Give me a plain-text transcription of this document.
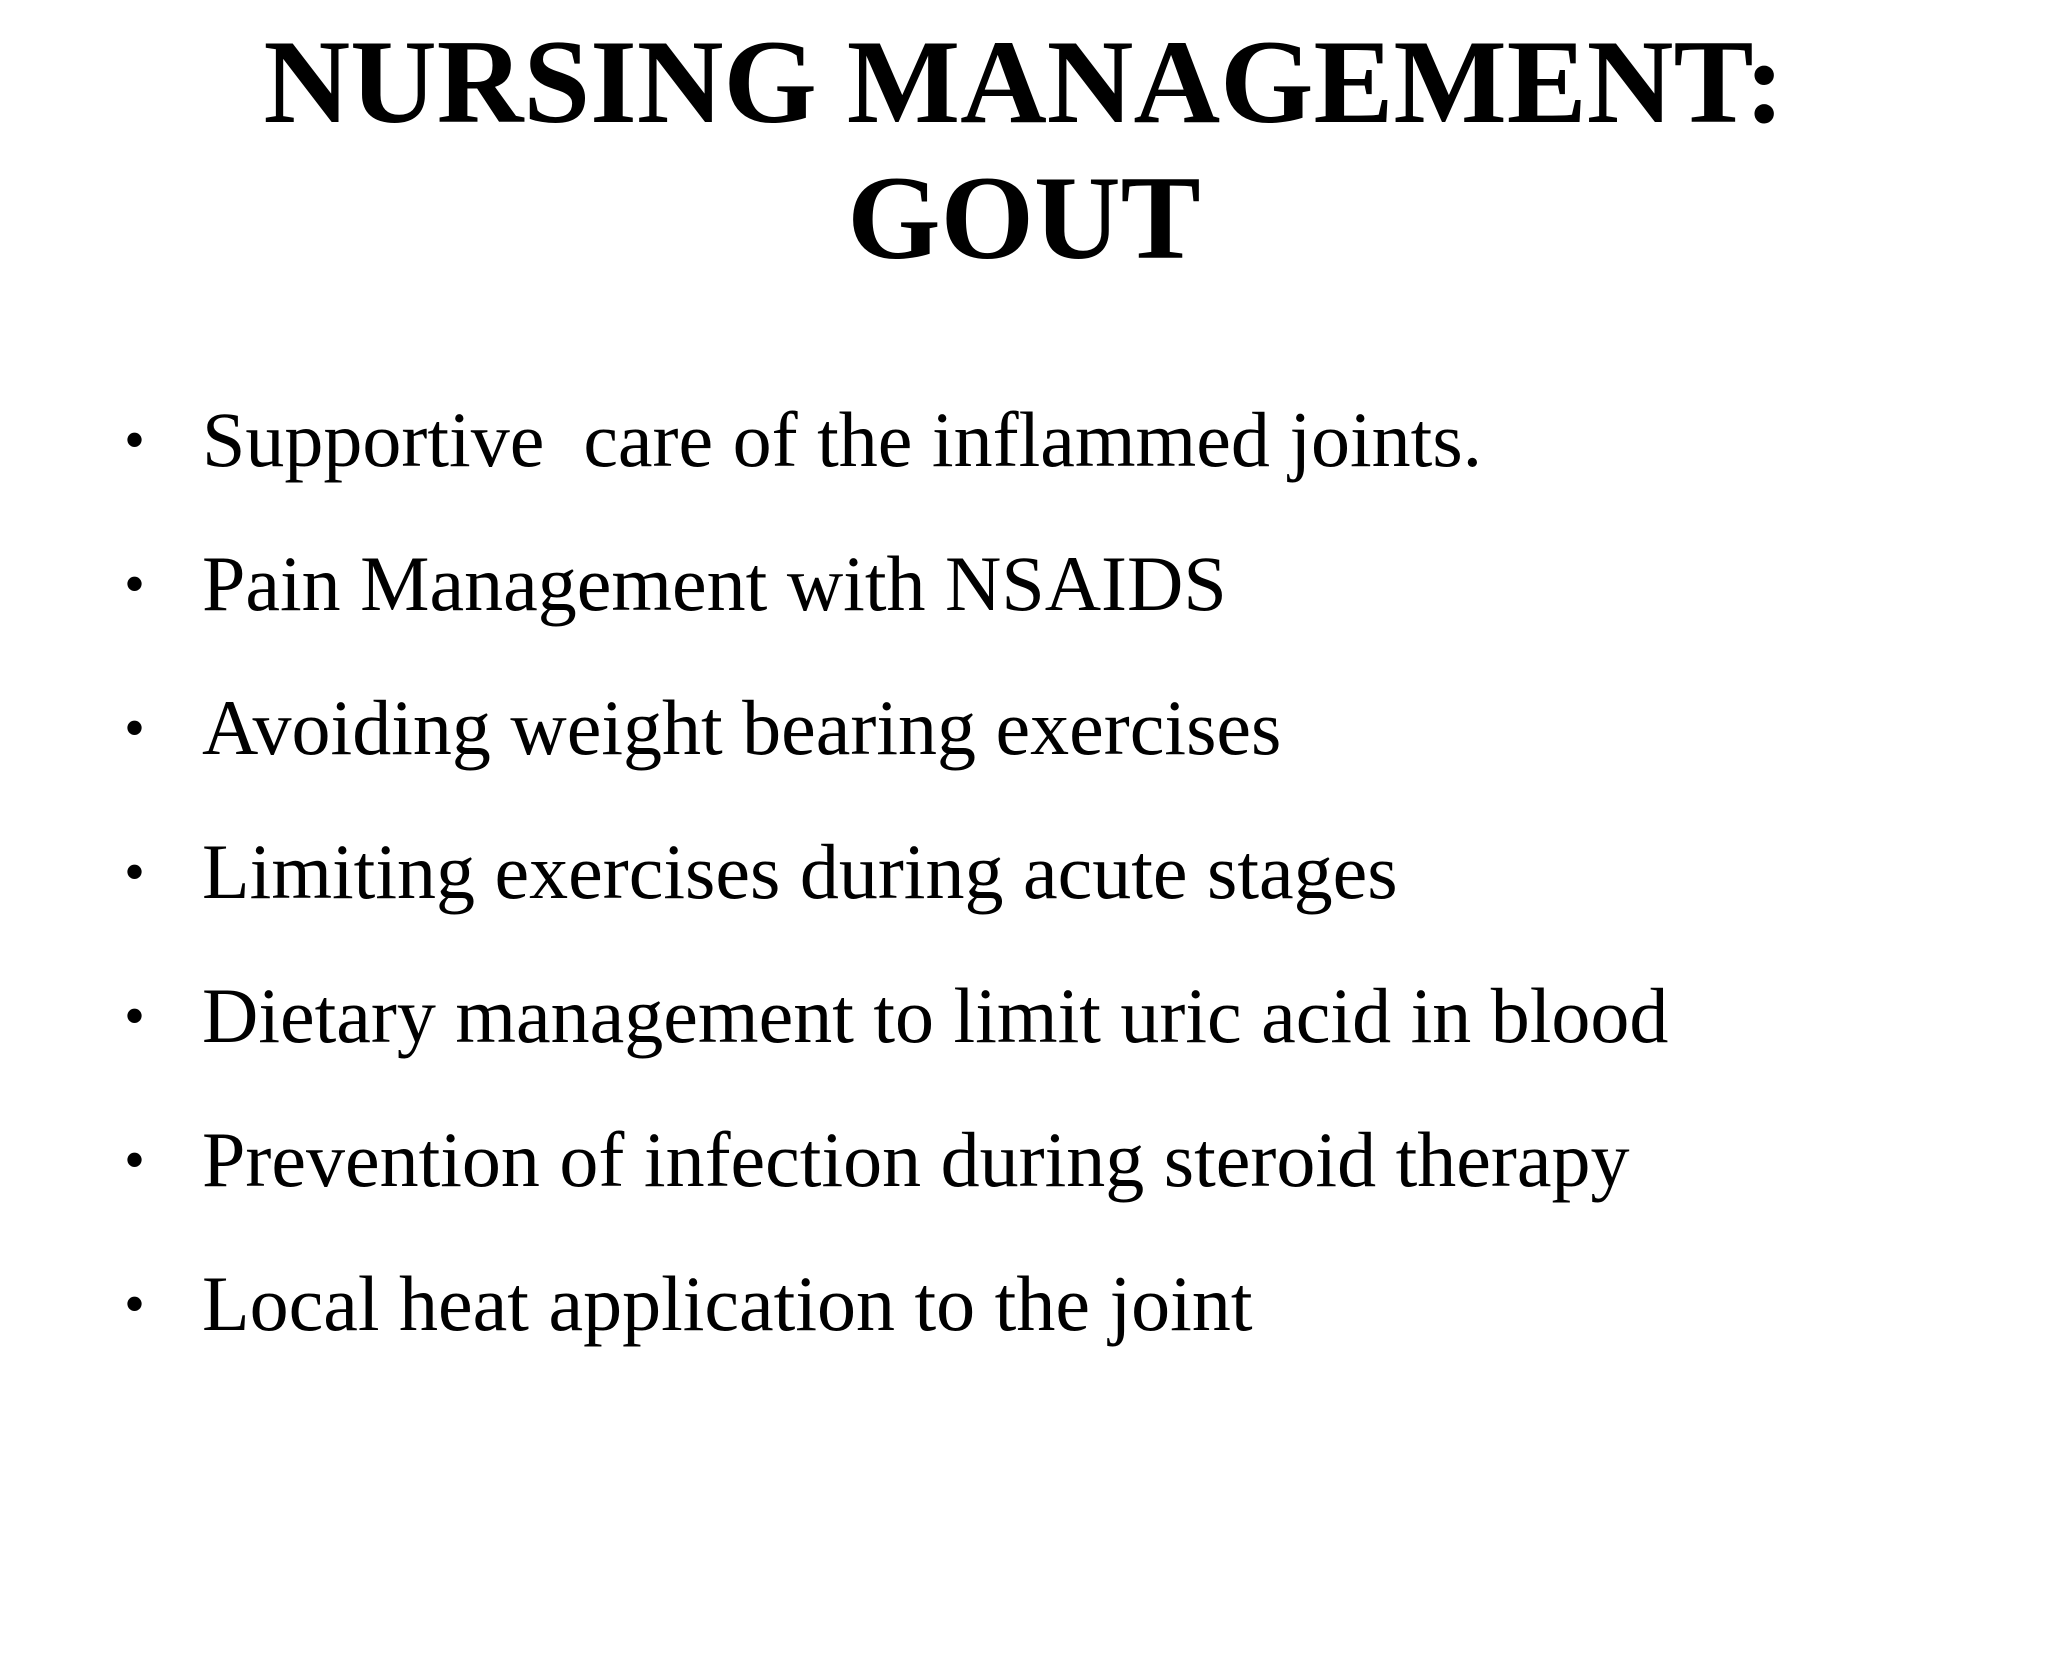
NURSING MANAGEMENT:
GOUT

•

Supportive  care of the inflammed joints.

•

Pain Management with NSAIDS

•

Avoiding weight bearing exercises

•

Limiting exercises during acute stages

•

Dietary management to limit uric acid in blood

•

Prevention of infection during steroid therapy

•

Local heat application to the joint
